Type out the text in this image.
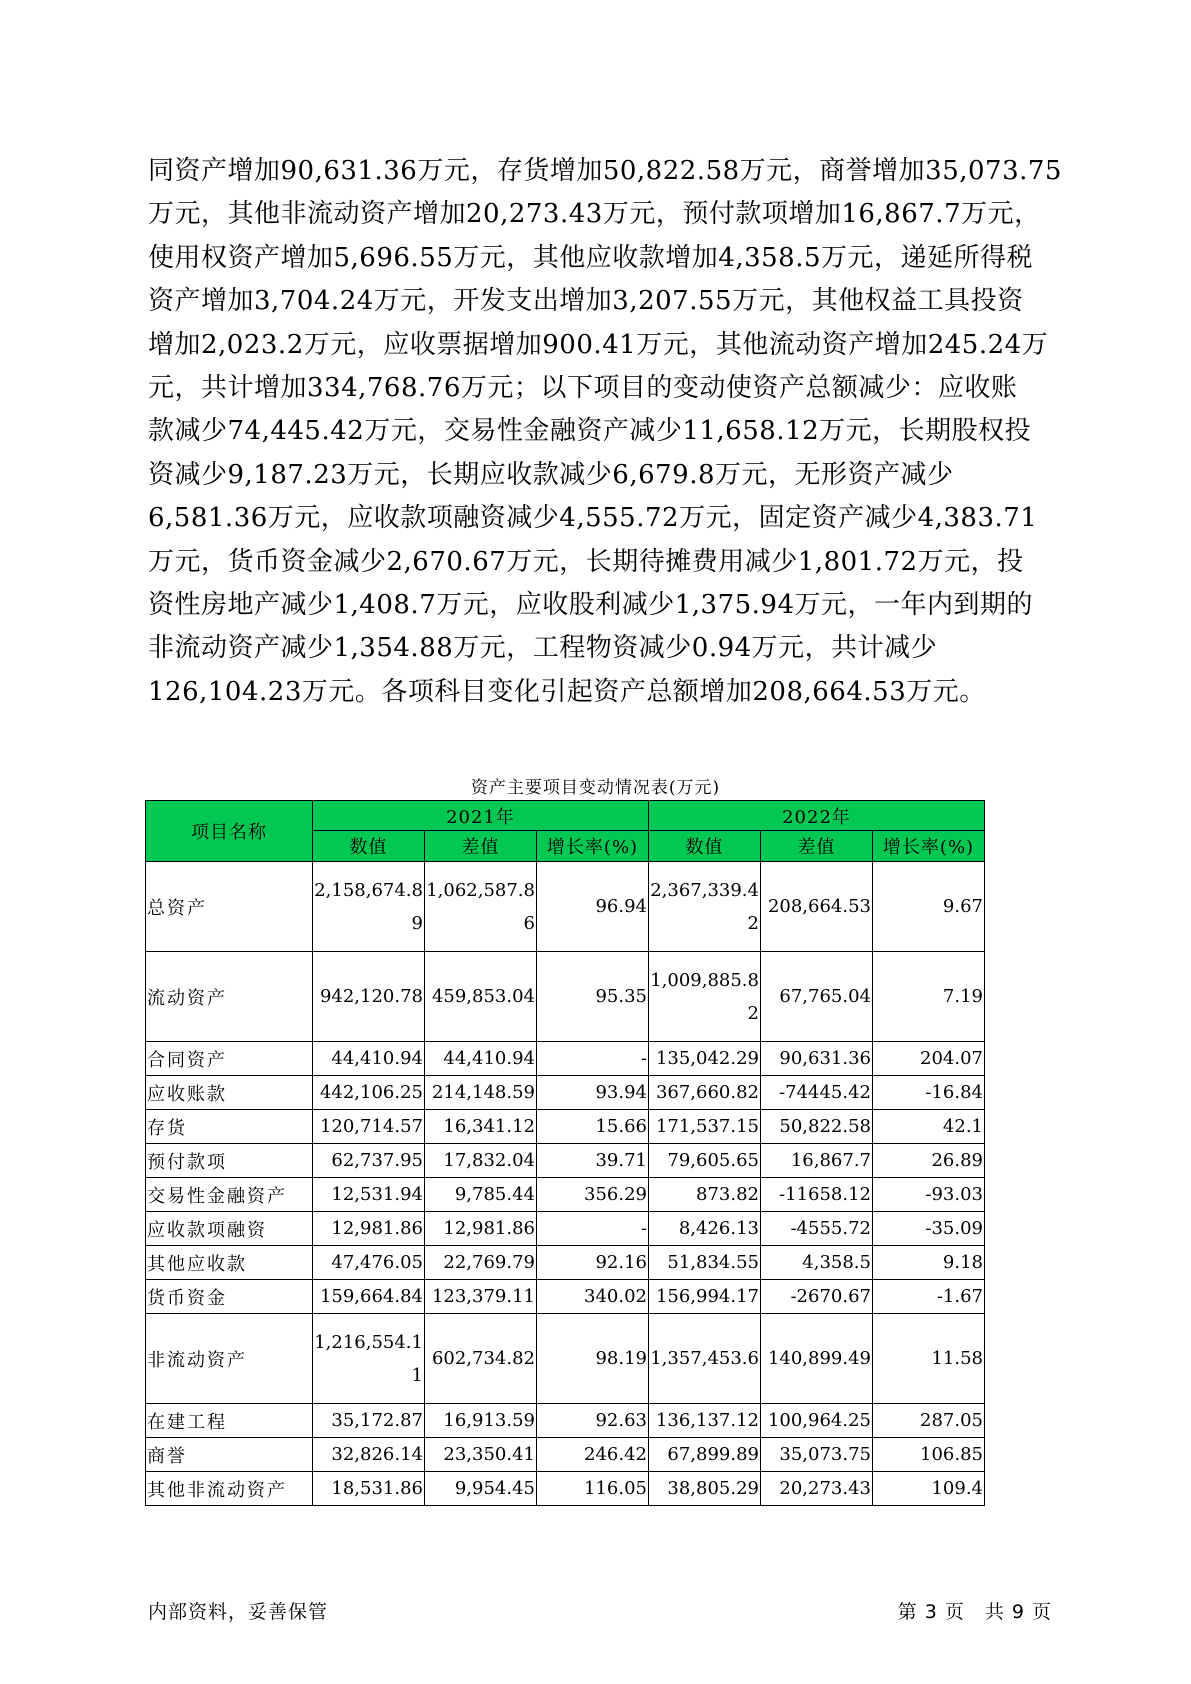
同资产增加90,631.36万元，存货增加50,822.58万元，商誉增加35,073.75

万元，其他非流动资产增加20,273.43万元，预付款项增加16,867.7万元，

使用权资产增加5,696.55万元，其他应收款增加4,358.5万元，递延所得税

资产增加3,704.24万元，开发支出增加3,207.55万元，其他权益工具投资

增加2,023.2万元，应收票据增加900.41万元，其他流动资产增加245.24万

元，共计增加334,768.76万元；以下项目的变动使资产总额减少：应收账

款减少74,445.42万元，交易性金融资产减少11,658.12万元，长期股权投

资减少9,187.23万元，长期应收款减少6,679.8万元，无形资产减少

6,581.36万元，应收款项融资减少4,555.72万元，固定资产减少4,383.71

万元，货币资金减少2,670.67万元，长期待摊费用减少1,801.72万元，投

资性房地产减少1,408.7万元，应收股利减少1,375.94万元，一年内到期的

非流动资产减少1,354.88万元，工程物资减少0.94万元，共计减少

126,104.23万元。各项科目变化引起资产总额增加208,664.53万元。

资产主要项目变动情况表(万元)
项目名称	2021年			2022年		
	数值	差值	增长率(%)	数值	差值	增长率(%)
总资产	2,158,674.89	1,062,587.86	96.94	2,367,339.42	208,664.53	9.67
流动资产	942,120.78	459,853.04	95.35	1,009,885.82	67,765.04	7.19
合同资产	44,410.94	44,410.94	-	135,042.29	90,631.36	204.07
应收账款	442,106.25	214,148.59	93.94	367,660.82	-74445.42	-16.84
存货	120,714.57	16,341.12	15.66	171,537.15	50,822.58	42.1
预付款项	62,737.95	17,832.04	39.71	79,605.65	16,867.7	26.89
交易性金融资产	12,531.94	9,785.44	356.29	873.82	-11658.12	-93.03
应收款项融资	12,981.86	12,981.86	-	8,426.13	-4555.72	-35.09
其他应收款	47,476.05	22,769.79	92.16	51,834.55	4,358.5	9.18
货币资金	159,664.84	123,379.11	340.02	156,994.17	-2670.67	-1.67
非流动资产	1,216,554.11	602,734.82	98.19	1,357,453.6	140,899.49	11.58
在建工程	35,172.87	16,913.59	92.63	136,137.12	100,964.25	287.05
商誉	32,826.14	23,350.41	246.42	67,899.89	35,073.75	106.85
其他非流动资产	18,531.86	9,954.45	116.05	38,805.29	20,273.43	109.4
内部资料，妥善保管	第 3 页　共 9 页
